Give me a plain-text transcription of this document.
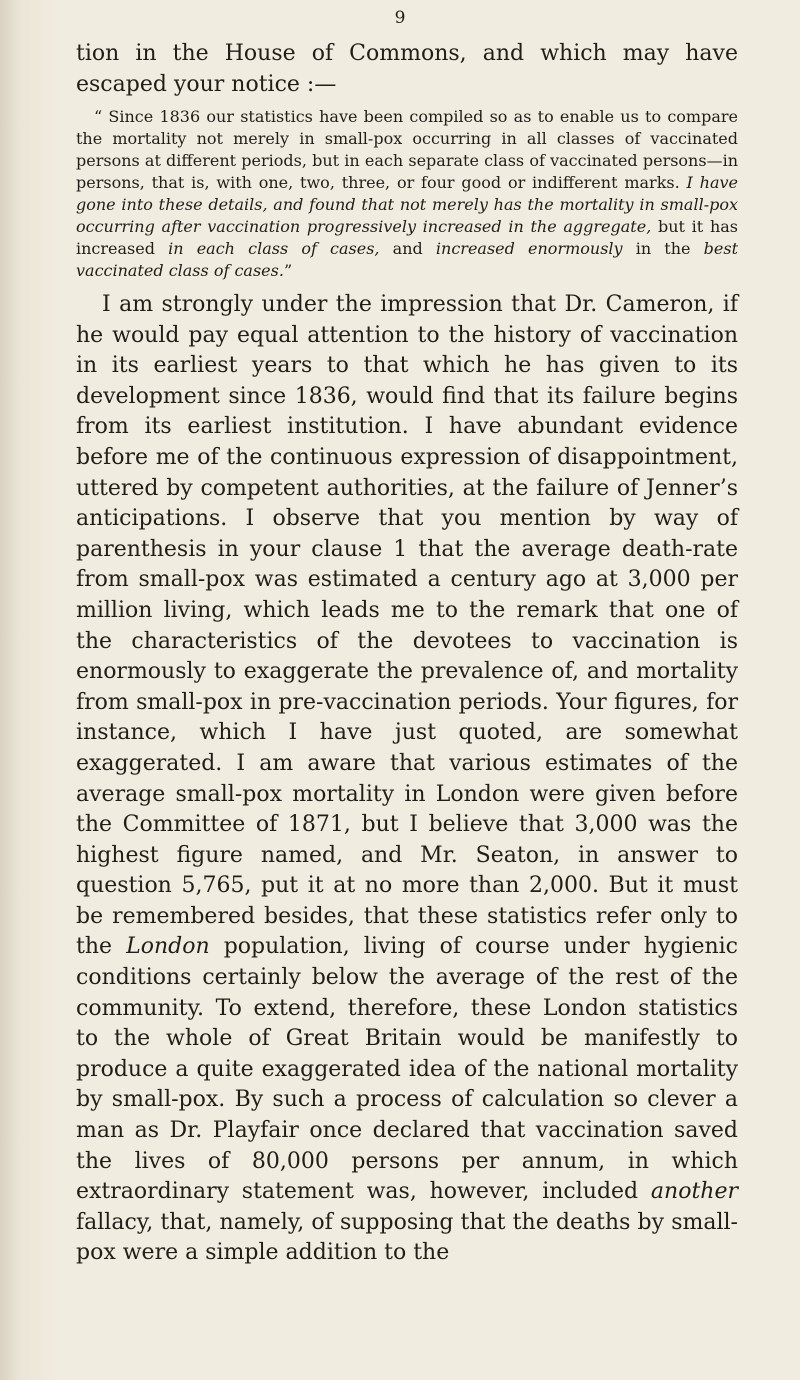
9

tion in the House of Commons, and which may have escaped your notice :—

“ Since 1836 our statistics have been compiled so as to enable us to compare the mortality not merely in small-pox occurring in all classes of vaccinated persons at different periods, but in each separate class of vaccinated persons—in persons, that is, with one, two, three, or four good or indifferent marks. I have gone into these details, and found that not merely has the mortality in small-pox occurring after vaccination progressively increased in the aggregate, but it has increased in each class of cases, and increased enormously in the best vaccinated class of cases.”

I am strongly under the impression that Dr. Cameron, if he would pay equal attention to the history of vaccination in its earliest years to that which he has given to its development since 1836, would find that its failure begins from its earliest institution. I have abundant evidence before me of the continuous expression of disappointment, uttered by competent authorities, at the failure of Jenner’s anticipations. I observe that you mention by way of parenthesis in your clause 1 that the average death-rate from small-pox was estimated a century ago at 3,000 per million living, which leads me to the remark that one of the characteristics of the devotees to vaccination is enormously to exaggerate the prevalence of, and mortality from small-pox in pre-vaccination periods. Your figures, for instance, which I have just quoted, are somewhat exaggerated. I am aware that various estimates of the average small-pox mortality in London were given before the Committee of 1871, but I believe that 3,000 was the highest figure named, and Mr. Seaton, in answer to question 5,765, put it at no more than 2,000. But it must be remembered besides, that these statistics refer only to the London population, living of course under hygienic conditions certainly below the average of the rest of the community. To extend, therefore, these London statistics to the whole of Great Britain would be manifestly to produce a quite exaggerated idea of the national mortality by small-pox. By such a process of calculation so clever a man as Dr. Playfair once declared that vaccination saved the lives of 80,000 persons per annum, in which extraordinary statement was, however, included another fallacy, that, namely, of supposing that the deaths by small-pox were a simple addition to the
